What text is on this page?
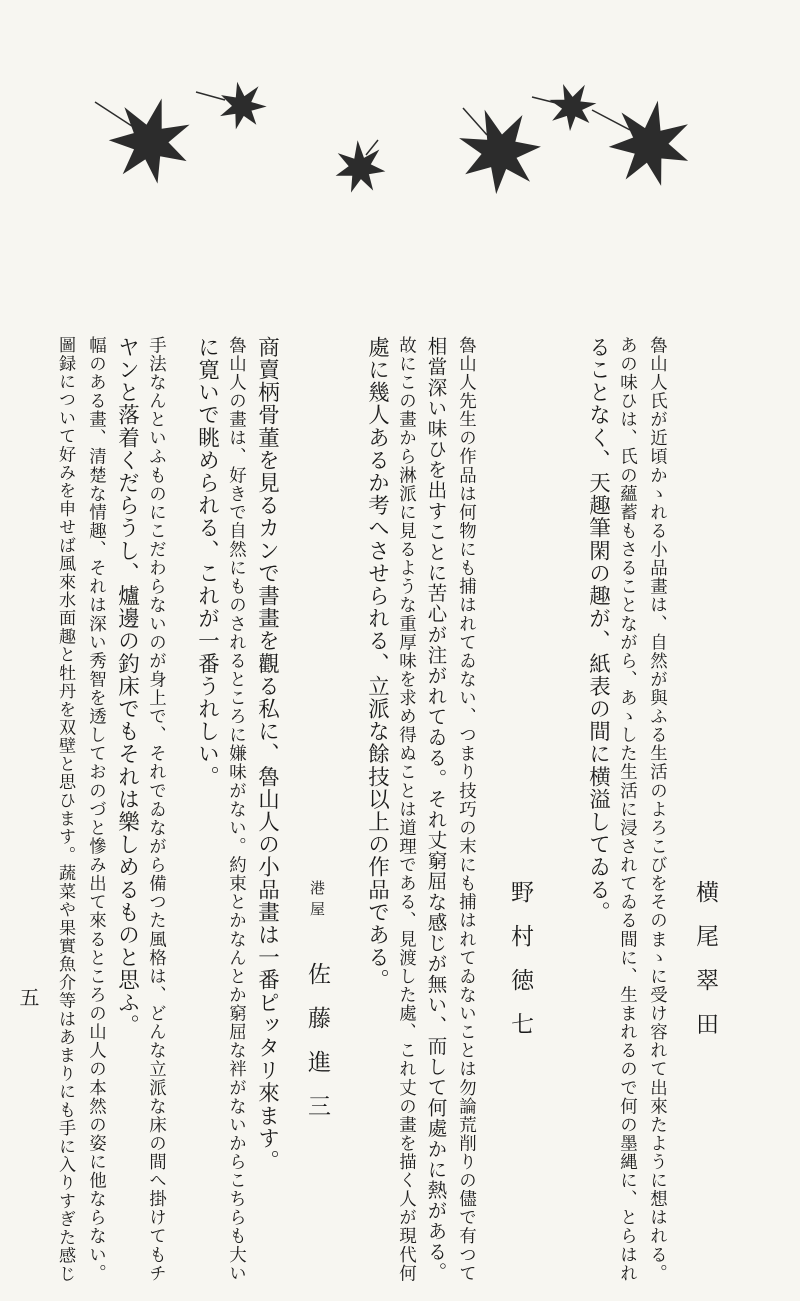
横尾翠田
魯山人氏が近頃かゝれる小品畫は、自然が與ふる生活のよろこびをそのまゝに受け容れて出來たように想はれる。
あの味ひは、氏の蘊蓄もさることながら、あゝした生活に浸されてゐる間に、生まれるので何の墨縄に、とらはれ
ることなく、天趣筆閑の趣が、紙表の間に横溢してゐる。
野村徳七
魯山人先生の作品は何物にも捕はれてゐない、つまり技巧の末にも捕はれてゐないことは勿論荒削りの儘で有つて
相當深い味ひを出すことに苦心が注がれてゐる。それ丈窮屈な感じが無い、而して何處かに熱がある。
故にこの畫から淋派に見るような重厚味を求め得ぬことは道理である、見渡した處、これ丈の畫を描く人が現代何
處に幾人あるか考へさせられる、立派な餘技以上の作品である。
港屋 佐藤進三
商賣柄骨董を見るカンで書畫を觀る私に、魯山人の小品畫は一番ピッタリ來ます。
魯山人の畫は、好きで自然にものされるところに嫌味がない。約束とかなんとか窮屈な袢がないからこちらも大い
に寛いで眺められる、これが一番うれしい。
手法なんといふものにこだわらないのが身上で、それでゐながら備つた風格は、どんな立派な床の間へ掛けてもチ
ヤンと落着くだらうし、爐邊の釣床でもそれは樂しめるものと思ふ。
幅のある畫、清楚な情趣、それは深い秀智を透しておのづと慘み出て來るところの山人の本然の姿に他ならない。
圖録について好みを申せば風來水面趣と牡丹を双壁と思ひます。蔬菜や果實魚介等はあまりにも手に入りすぎた感じ
五
